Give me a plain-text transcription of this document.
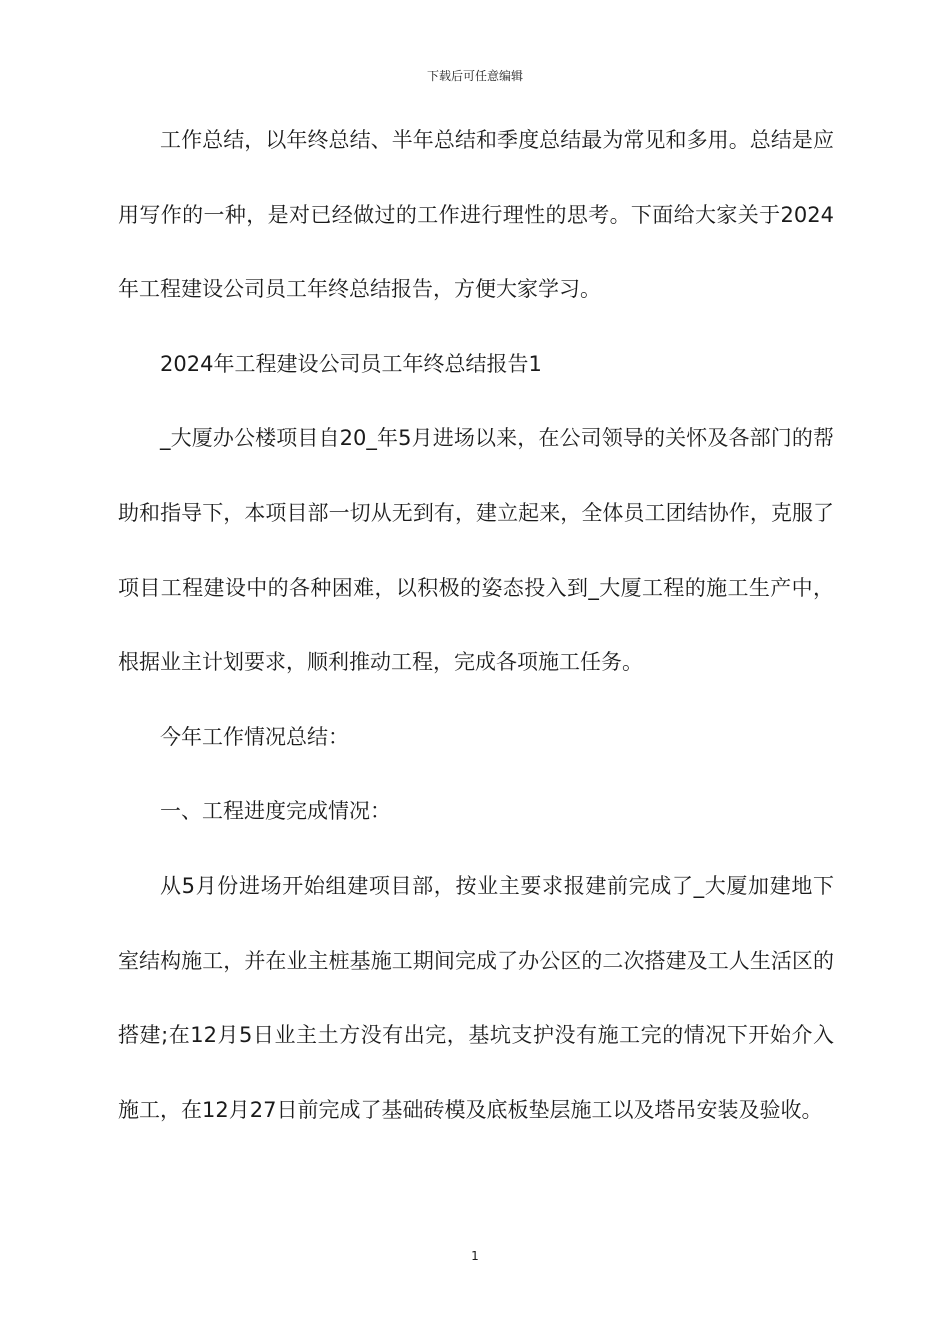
下载后可任意编辑

工作总结，以年终总结、半年总结和季度总结最为常见和多用。总结是应用写作的一种，是对已经做过的工作进行理性的思考。下面给大家关于2024年工程建设公司员工年终总结报告，方便大家学习。

2024年工程建设公司员工年终总结报告1

_大厦办公楼项目自20_年5月进场以来，在公司领导的关怀及各部门的帮助和指导下，本项目部一切从无到有，建立起来，全体员工团结协作，克服了项目工程建设中的各种困难，以积极的姿态投入到_大厦工程的施工生产中，根据业主计划要求，顺利推动工程，完成各项施工任务。

今年工作情况总结：

一、工程进度完成情况：

从5月份进场开始组建项目部，按业主要求报建前完成了_大厦加建地下室结构施工，并在业主桩基施工期间完成了办公区的二次搭建及工人生活区的搭建;在12月5日业主土方没有出完，基坑支护没有施工完的情况下开始介入施工，在12月27日前完成了基础砖模及底板垫层施工以及塔吊安装及验收。

1
